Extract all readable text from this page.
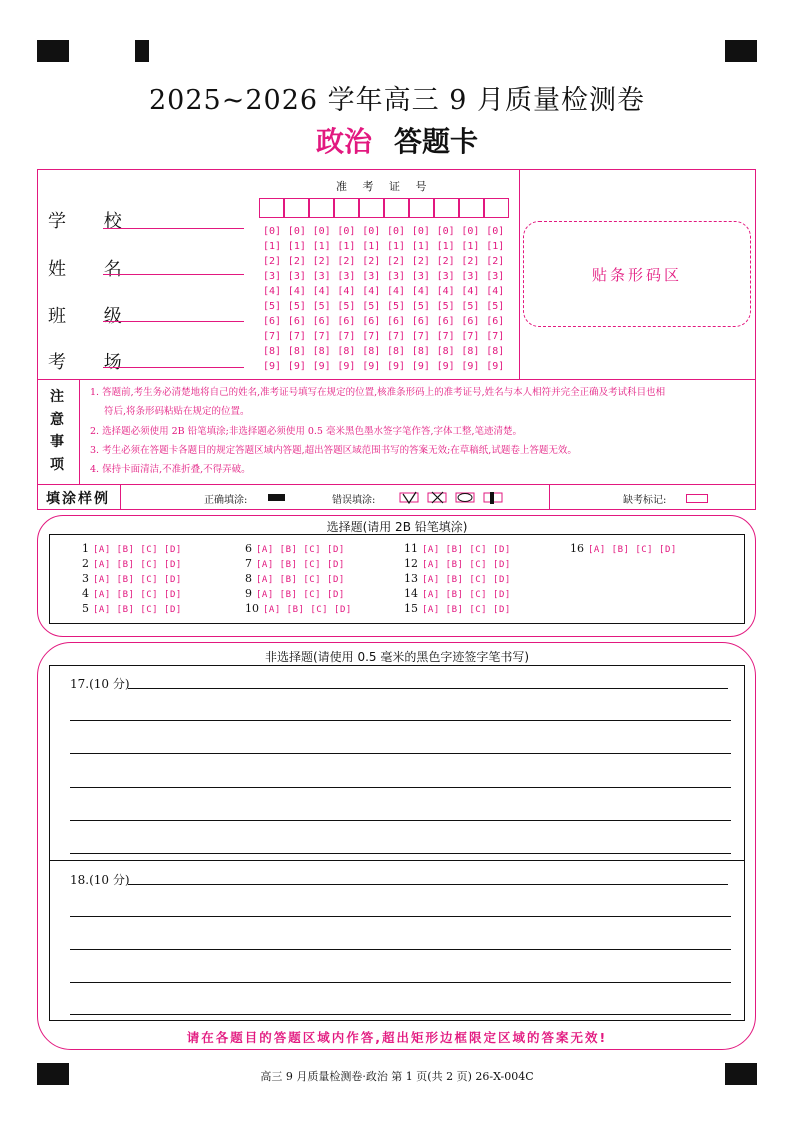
2025~2026 学年高三 9 月质量检测卷
政治 答题卡
学 校
姓 名
班 级
考 场
准 考 证 号
[0] [0] [0] [0] [0] [0] [0] [0] [0] [0]
[1] [1] [1] [1] [1] [1] [1] [1] [1] [1]
[2] [2] [2] [2] [2] [2] [2] [2] [2] [2]
[3] [3] [3] [3] [3] [3] [3] [3] [3] [3]
[4] [4] [4] [4] [4] [4] [4] [4] [4] [4]
[5] [5] [5] [5] [5] [5] [5] [5] [5] [5]
[6] [6] [6] [6] [6] [6] [6] [6] [6] [6]
[7] [7] [7] [7] [7] [7] [7] [7] [7] [7]
[8] [8] [8] [8] [8] [8] [8] [8] [8] [8]
[9] [9] [9] [9] [9] [9] [9] [9] [9] [9]
贴条形码区
注
意
事
项
1. 答题前,考生务必清楚地将自己的姓名,准考证号填写在规定的位置,核准条形码上的准考证号,姓名与本人相符并完全正确及考试科目也相
符后,将条形码粘贴在规定的位置。
2. 选择题必须使用 2B 铅笔填涂;非选择题必须使用 0.5 毫米黑色墨水签字笔作答,字体工整,笔迹清楚。
3. 考生必须在答题卡各题目的规定答题区域内答题,超出答题区域范围书写的答案无效;在草稿纸,试题卷上答题无效。
4. 保持卡面清洁,不准折叠,不得弄破。
填涂样例	正确填涂:	错误填涂:	缺考标记:
选择题(请用 2B 铅笔填涂)
1 [A] [B] [C] [D]
2 [A] [B] [C] [D]
3 [A] [B] [C] [D]
4 [A] [B] [C] [D]
5 [A] [B] [C] [D]
6 [A] [B] [C] [D]
7 [A] [B] [C] [D]
8 [A] [B] [C] [D]
9 [A] [B] [C] [D]
10 [A] [B] [C] [D]
11 [A] [B] [C] [D]
12 [A] [B] [C] [D]
13 [A] [B] [C] [D]
14 [A] [B] [C] [D]
15 [A] [B] [C] [D]
16 [A] [B] [C] [D]
非选择题(请使用 0.5 毫米的黑色字迹签字笔书写)
17.(10 分)
18.(10 分)
请在各题目的答题区域内作答,超出矩形边框限定区域的答案无效!
高三 9 月质量检测卷·政治 第 1 页(共 2 页) 26-X-004C
